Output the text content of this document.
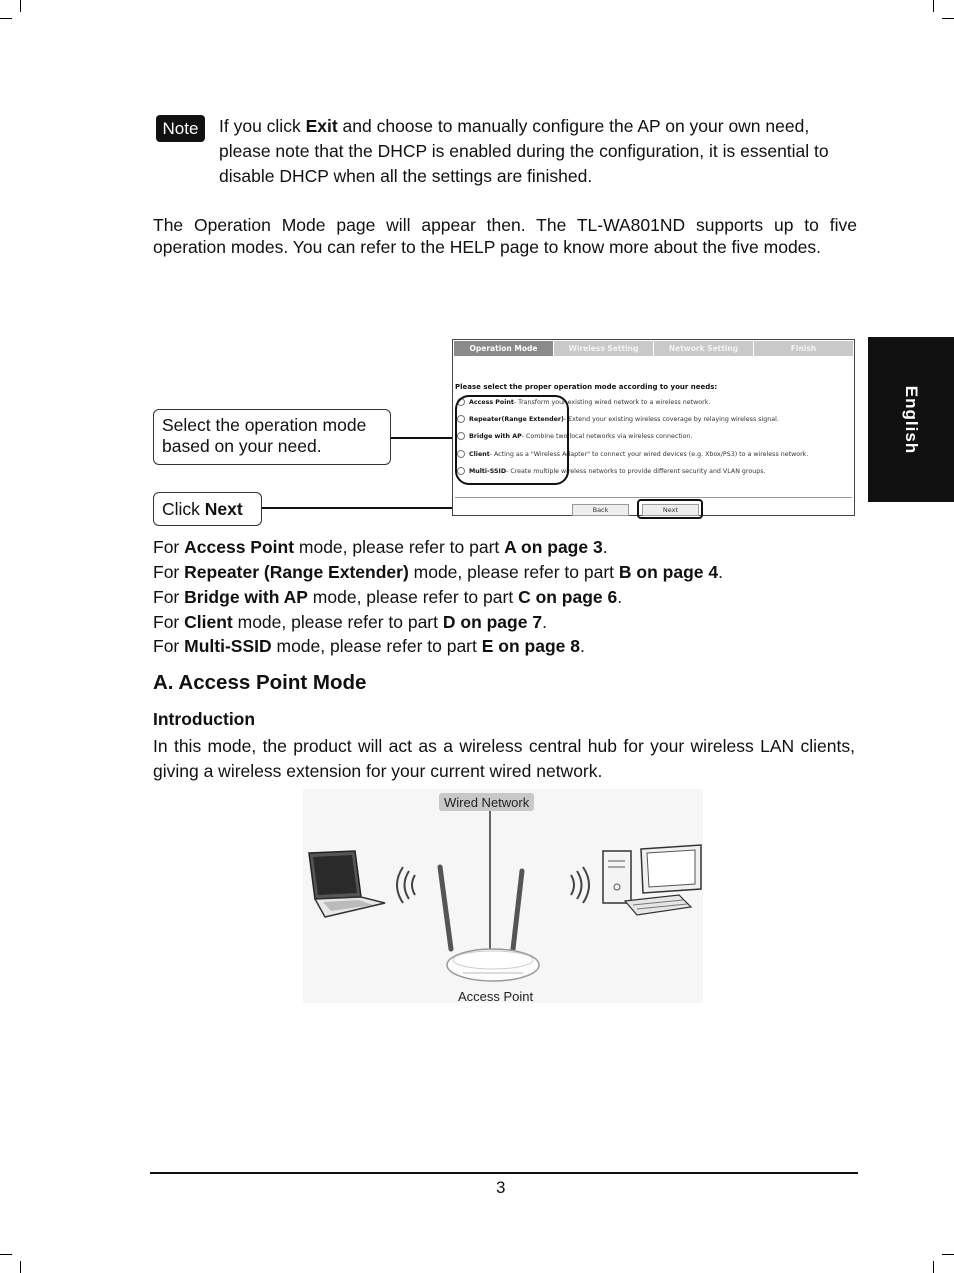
Note	If you click Exit and choose to manually configure the AP on your own need, please note that the DHCP is enabled during the configuration, it is essential to disable DHCP when all the settings are finished.
The Operation Mode page will appear then. The TL-WA801ND supports up to five operation modes. You can refer to the HELP page to know more about the five modes.
English
Select the operation mode based on your need.
Click Next
Operation Mode	Wireless Setting	Network Setting	Finish
Please select the proper operation mode according to your needs:
Access Point - Transform your existing wired network to a wireless network.
Repeater(Range Extender) - Extend your existing wireless coverage by relaying wireless signal.
Bridge with AP - Combine two local networks via wireless connection.
Client - Acting as a "Wireless Adapter" to connect your wired devices (e.g. Xbox/PS3) to a wireless network.
Multi-SSID - Create multiple wireless networks to provide different security and VLAN groups.
Back	Next
For Access Point mode, please refer to part A on page 3.
For Repeater (Range Extender) mode, please refer to part B on page 4.
For Bridge with AP mode, please refer to part C on page 6.
For Client mode, please refer to part D on page 7.
For Multi-SSID mode, please refer to part E on page 8.
A. Access Point Mode
Introduction
In this mode, the product will act as a wireless central hub for your wireless LAN clients, giving a wireless extension for your current wired network.
Wired Network
Access Point
3
